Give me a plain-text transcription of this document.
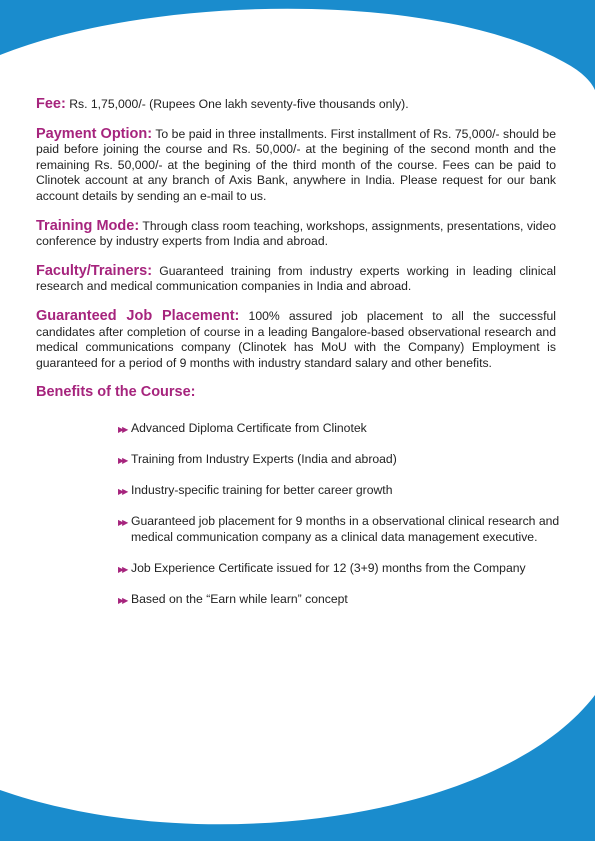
Fee: Rs. 1,75,000/- (Rupees One lakh seventy-five thousands only).

Payment Option: To be paid in three installments. First installment of Rs. 75,000/- should be paid before joining the course and Rs. 50,000/- at the begining of the second month and the remaining Rs. 50,000/- at the begining of the third month of the course. Fees can be paid to Clinotek account at any branch of Axis Bank, anywhere in India. Please request for our bank account details by sending an e-mail to us.

Training Mode: Through class room teaching, workshops, assignments, presentations, video conference by industry experts from India and abroad.

Faculty/Trainers: Guaranteed training from industry experts working in leading clinical research and medical communication companies in India and abroad.

Guaranteed Job Placement: 100% assured job placement to all the successful candidates after completion of course in a leading Bangalore-based observational research and medical communications company (Clinotek has MoU with the Company) Employment is guaranteed for a period of 9 months with industry standard salary and other benefits.

Benefits of the Course:
▶▶ Advanced Diploma Certificate from Clinotek
▶▶ Training from Industry Experts (India and abroad)
▶▶ Industry-specific training for better career growth
▶▶ Guaranteed job placement for 9 months in a observational clinical research and medical communication company as a clinical data management executive.
▶▶ Job Experience Certificate issued for 12 (3+9) months from the Company
▶▶ Based on the “Earn while learn” concept
